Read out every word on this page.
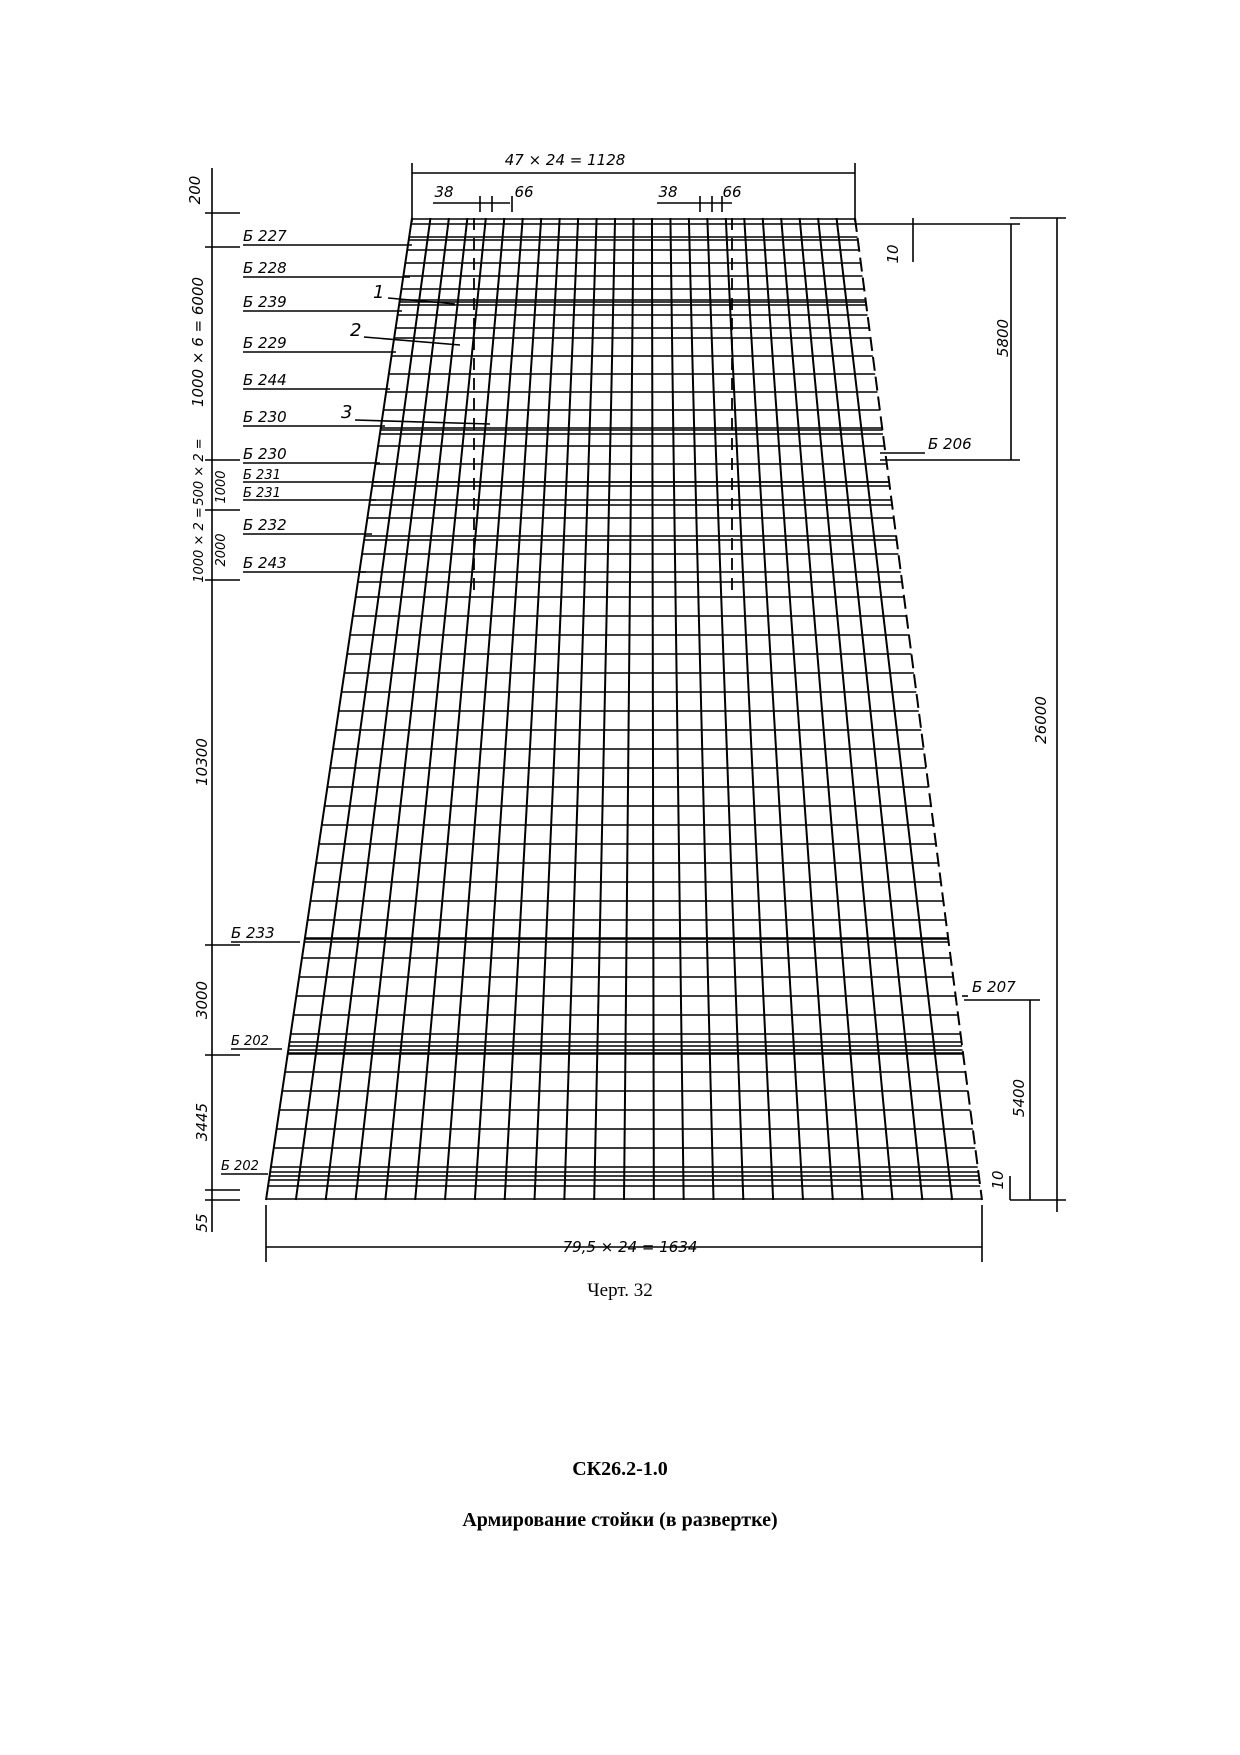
47 × 24 = 1128
38	66	38	66
79,5 × 24 = 1634
200
1000 × 6 = 6000
500 × 2 = 1000
1000 × 2 = 2000
10300
3000
3445
55
10
5800
26000
5400
10
Б 227
Б 228
Б 239
Б 229
Б 244
Б 230
Б 230
Б 231
Б 231
Б 232
Б 243
Б 233
Б 202
Б 202
Б 206
Б 207
1
2
3
Черт. 32
СК26.2-1.0
Армирование стойки (в развертке)
